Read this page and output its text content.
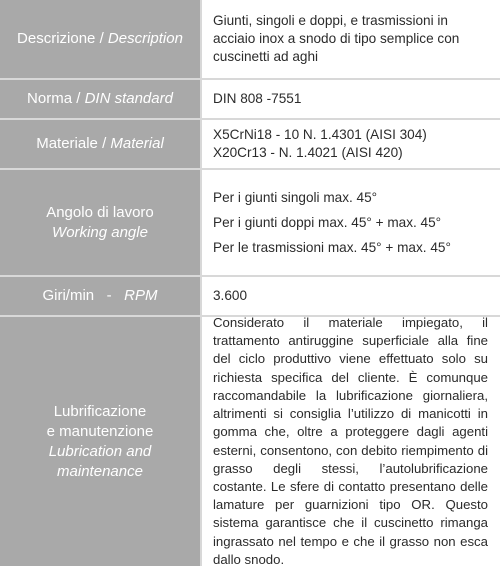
Descrizione / Description

Giunti, singoli e doppi, e trasmissioni in acciaio inox a snodo di tipo semplice con cuscinetti ad aghi

Norma / DIN standard	DIN 808 -7551

Materiale / Material

X5CrNi18 - 10 N. 1.4301 (AISI 304)

X20Cr13 - N. 1.4021 (AISI 420)

Angolo di lavoro
Working angle

Per i giunti singoli max. 45°

Per i giunti doppi max. 45° + max. 45°

Per le trasmissioni max. 45° + max. 45°

Giri/min   -   RPM	3.600

Lubrificazione
e manutenzione
Lubrication and
maintenance

Considerato il materiale impiegato, il trattamento antiruggine superficiale alla fine del ciclo produttivo viene effettuato solo su richiesta specifica del cliente. È comunque raccomandabile la lubrificazione giornaliera, altrimenti si consiglia l’utilizzo di manicotti in gomma che, oltre a proteggere dagli agenti esterni, consentono, con debito riempimento di grasso degli stessi, l’autolubrificazione costante. Le sfere di contatto presentano delle lamature per guarnizioni tipo OR. Questo sistema garantisce che il cuscinetto rimanga ingrassato nel tempo e che il grasso non esca dallo snodo.
